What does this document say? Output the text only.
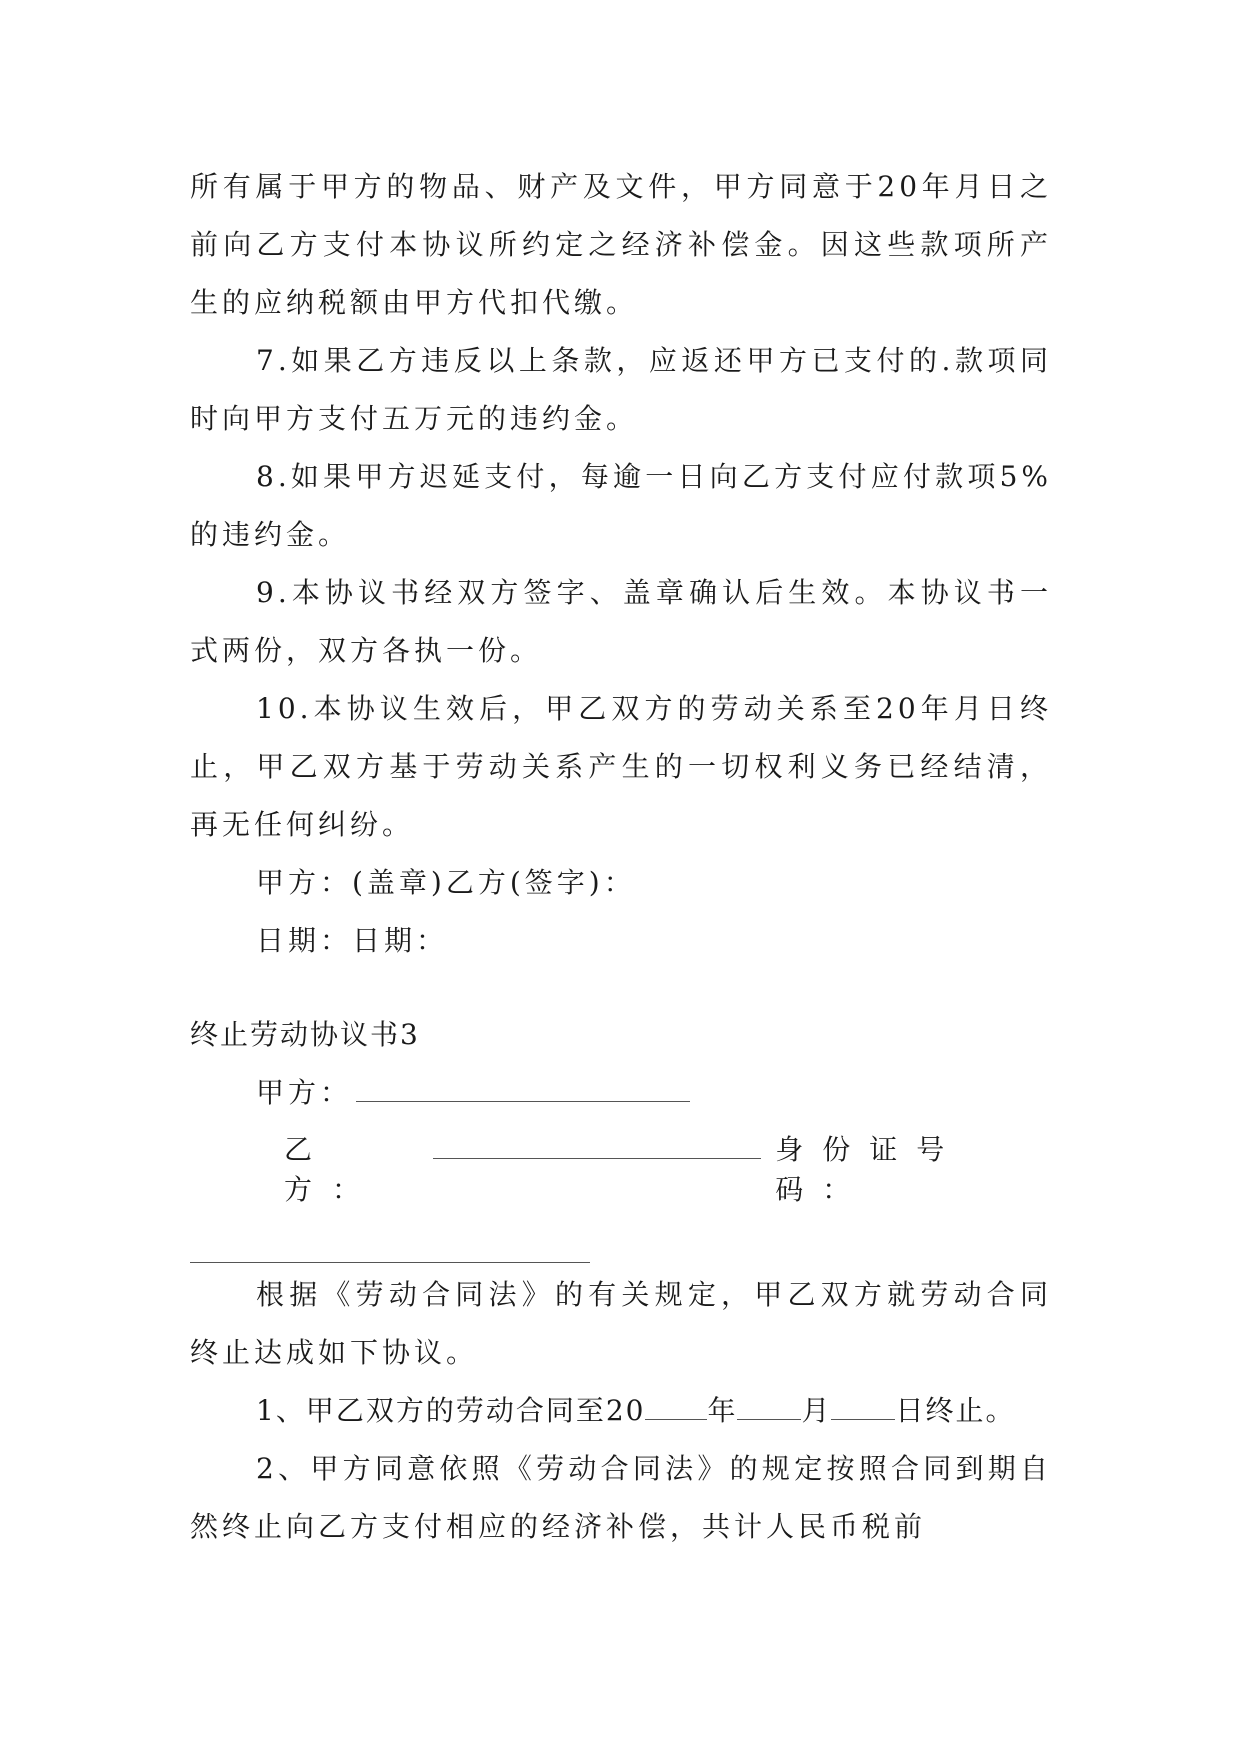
所有属于甲方的物品、财产及文件，甲方同意于20年月日之前向乙方支付本协议所约定之经济补偿金。因这些款项所产生的应纳税额由甲方代扣代缴。

7.如果乙方违反以上条款，应返还甲方已支付的.款项同时向甲方支付五万元的违约金。

8.如果甲方迟延支付，每逾一日向乙方支付应付款项5%的违约金。

9.本协议书经双方签字、盖章确认后生效。本协议书一式两份，双方各执一份。

10.本协议生效后，甲乙双方的劳动关系至20年月日终止，甲乙双方基于劳动关系产生的一切权利义务已经结清，再无任何纠纷。

甲方：(盖章)乙方(签字)：

日期：日期：

终止劳动协议书3

甲方：

乙方：
身份证号码：

根据《劳动合同法》的有关规定，甲乙双方就劳动合同终止达成如下协议。

1、甲乙双方的劳动合同至20 年 月 日终止。

2、甲方同意依照《劳动合同法》的规定按照合同到期自然终止向乙方支付相应的经济补偿，共计人民币税前
